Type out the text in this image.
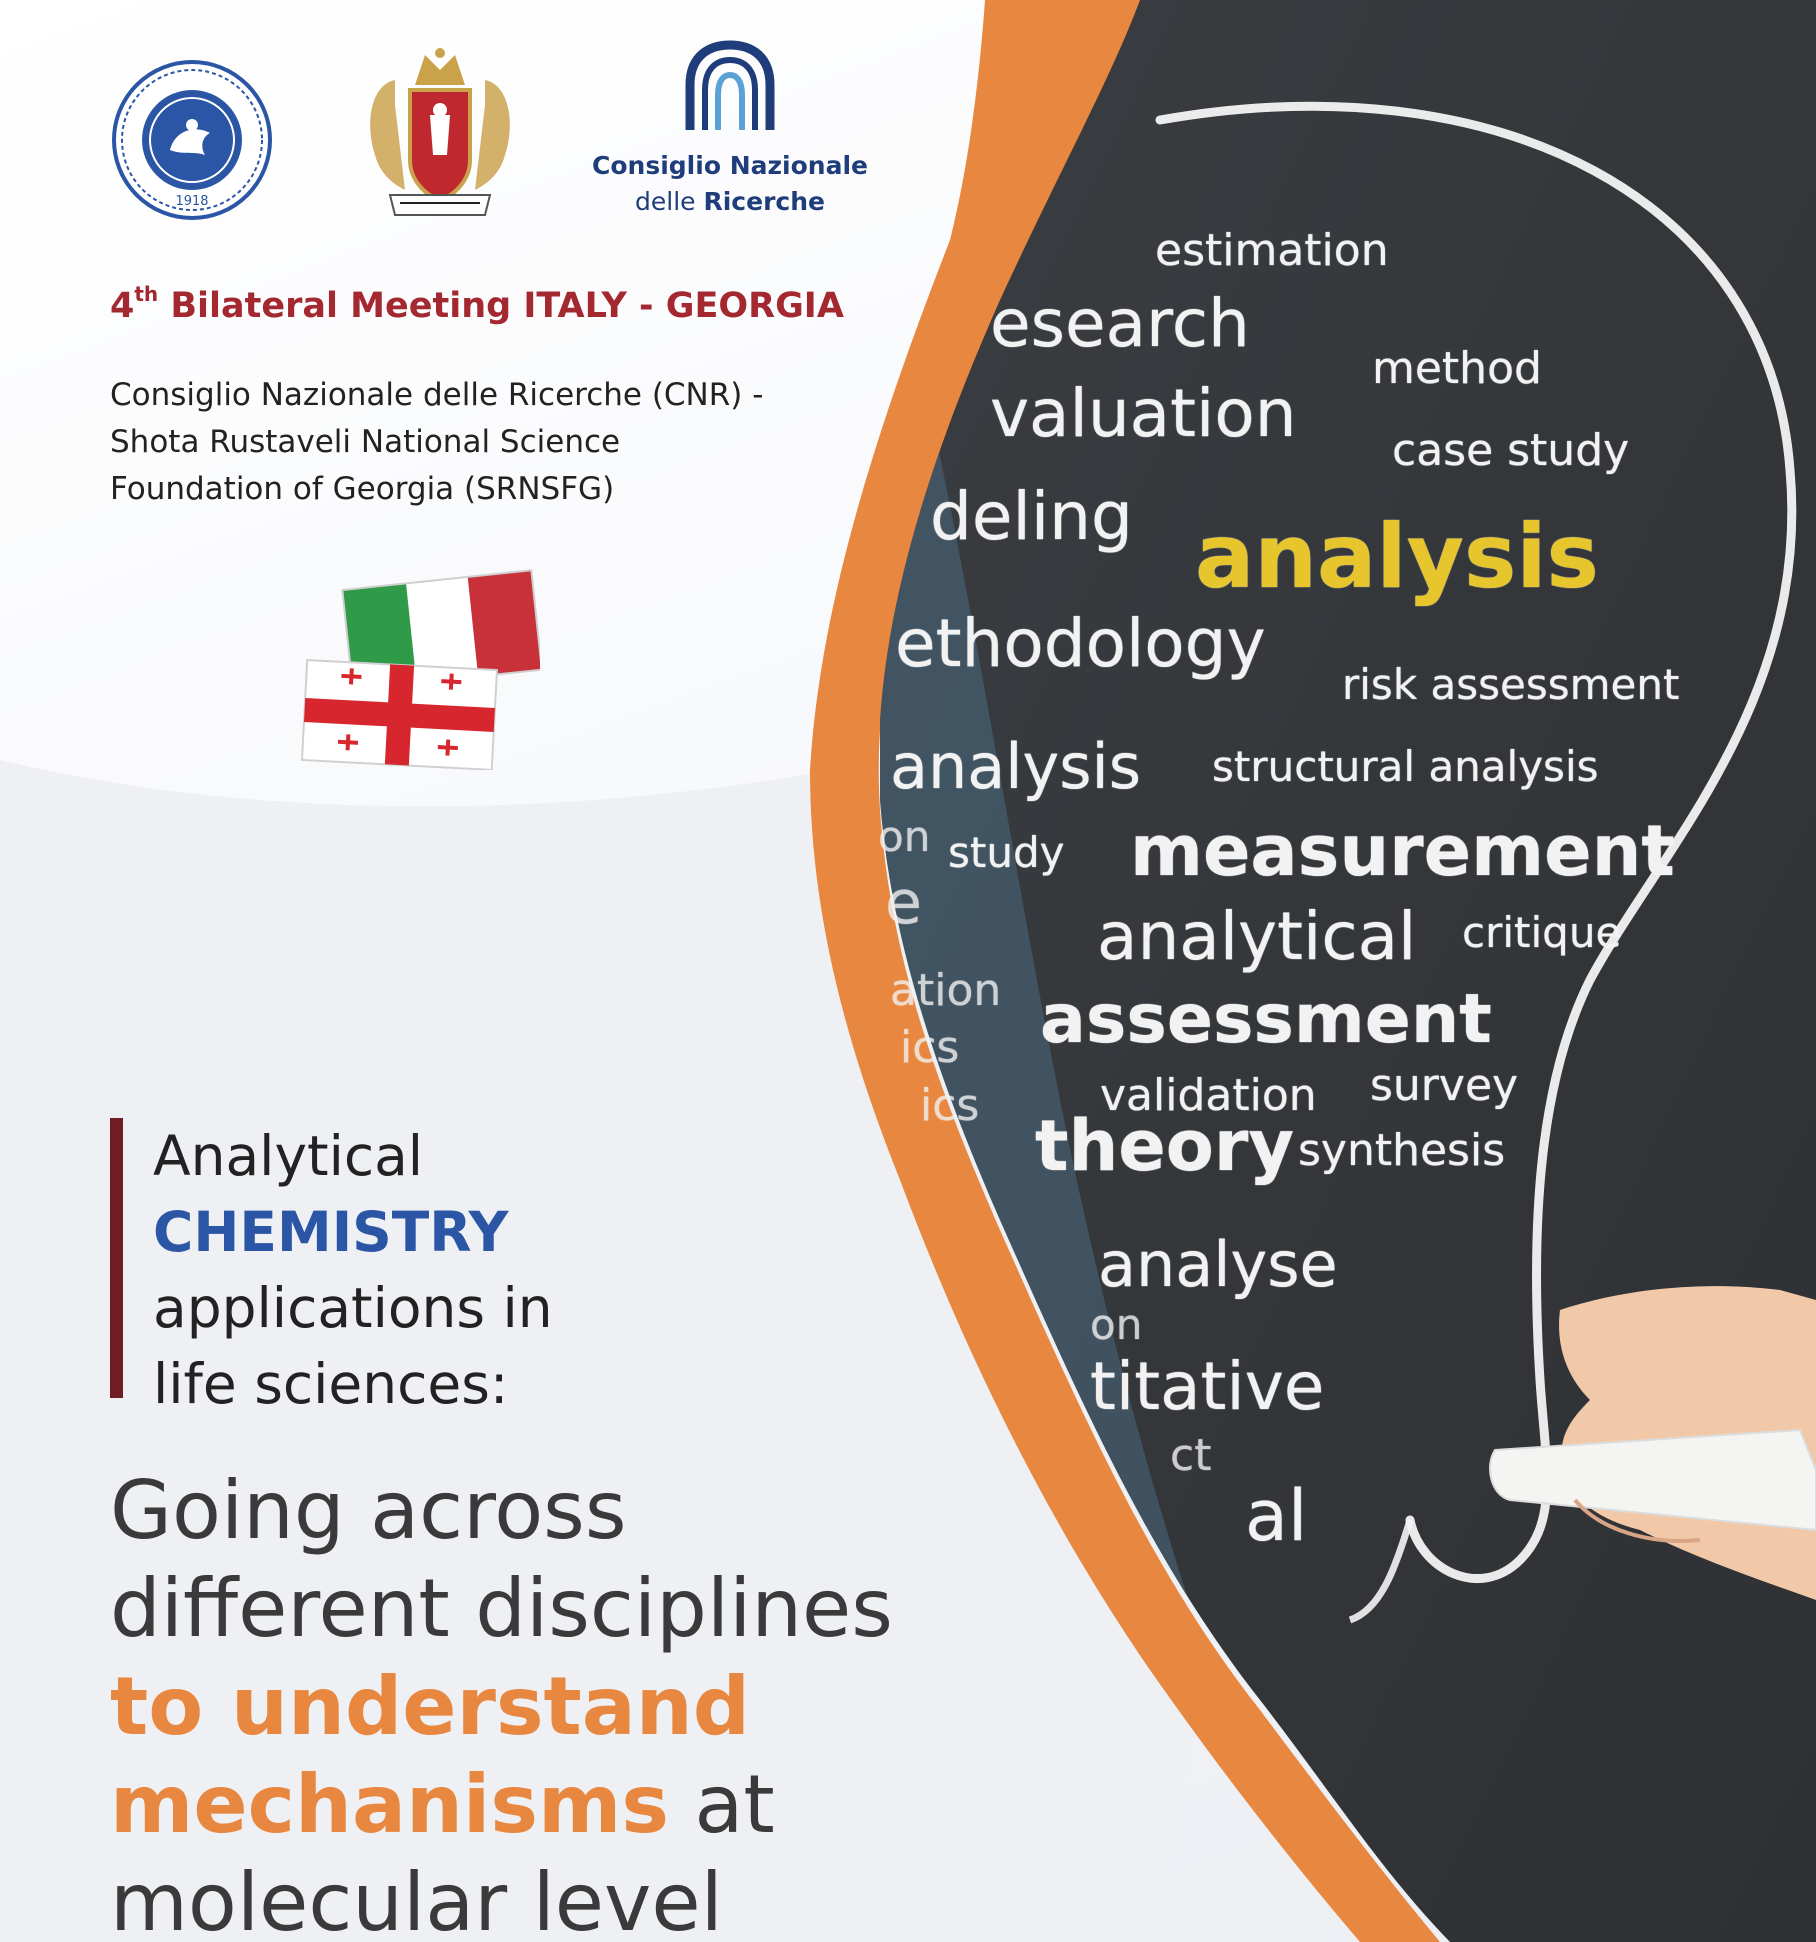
1918
Consiglio Nazionale
delle Ricerche
4th Bilateral Meeting ITALY - GEORGIA
Consiglio Nazionale delle Ricerche (CNR) -
Shota Rustaveli National Science
Foundation of Georgia (SRNSFG)
Analytical
CHEMISTRY
applications in
life sciences:
Going across
different disciplines
to understand
mechanisms at
molecular level
estimation
esearch
method
valuation case study
deling analysis
ethodology
risk assessment
analysis structural analysis
on study measurement
e	analytical critique
ation assessment
ics
validation survey
ics theory synthesis
analyse
on
titative
ct
al
